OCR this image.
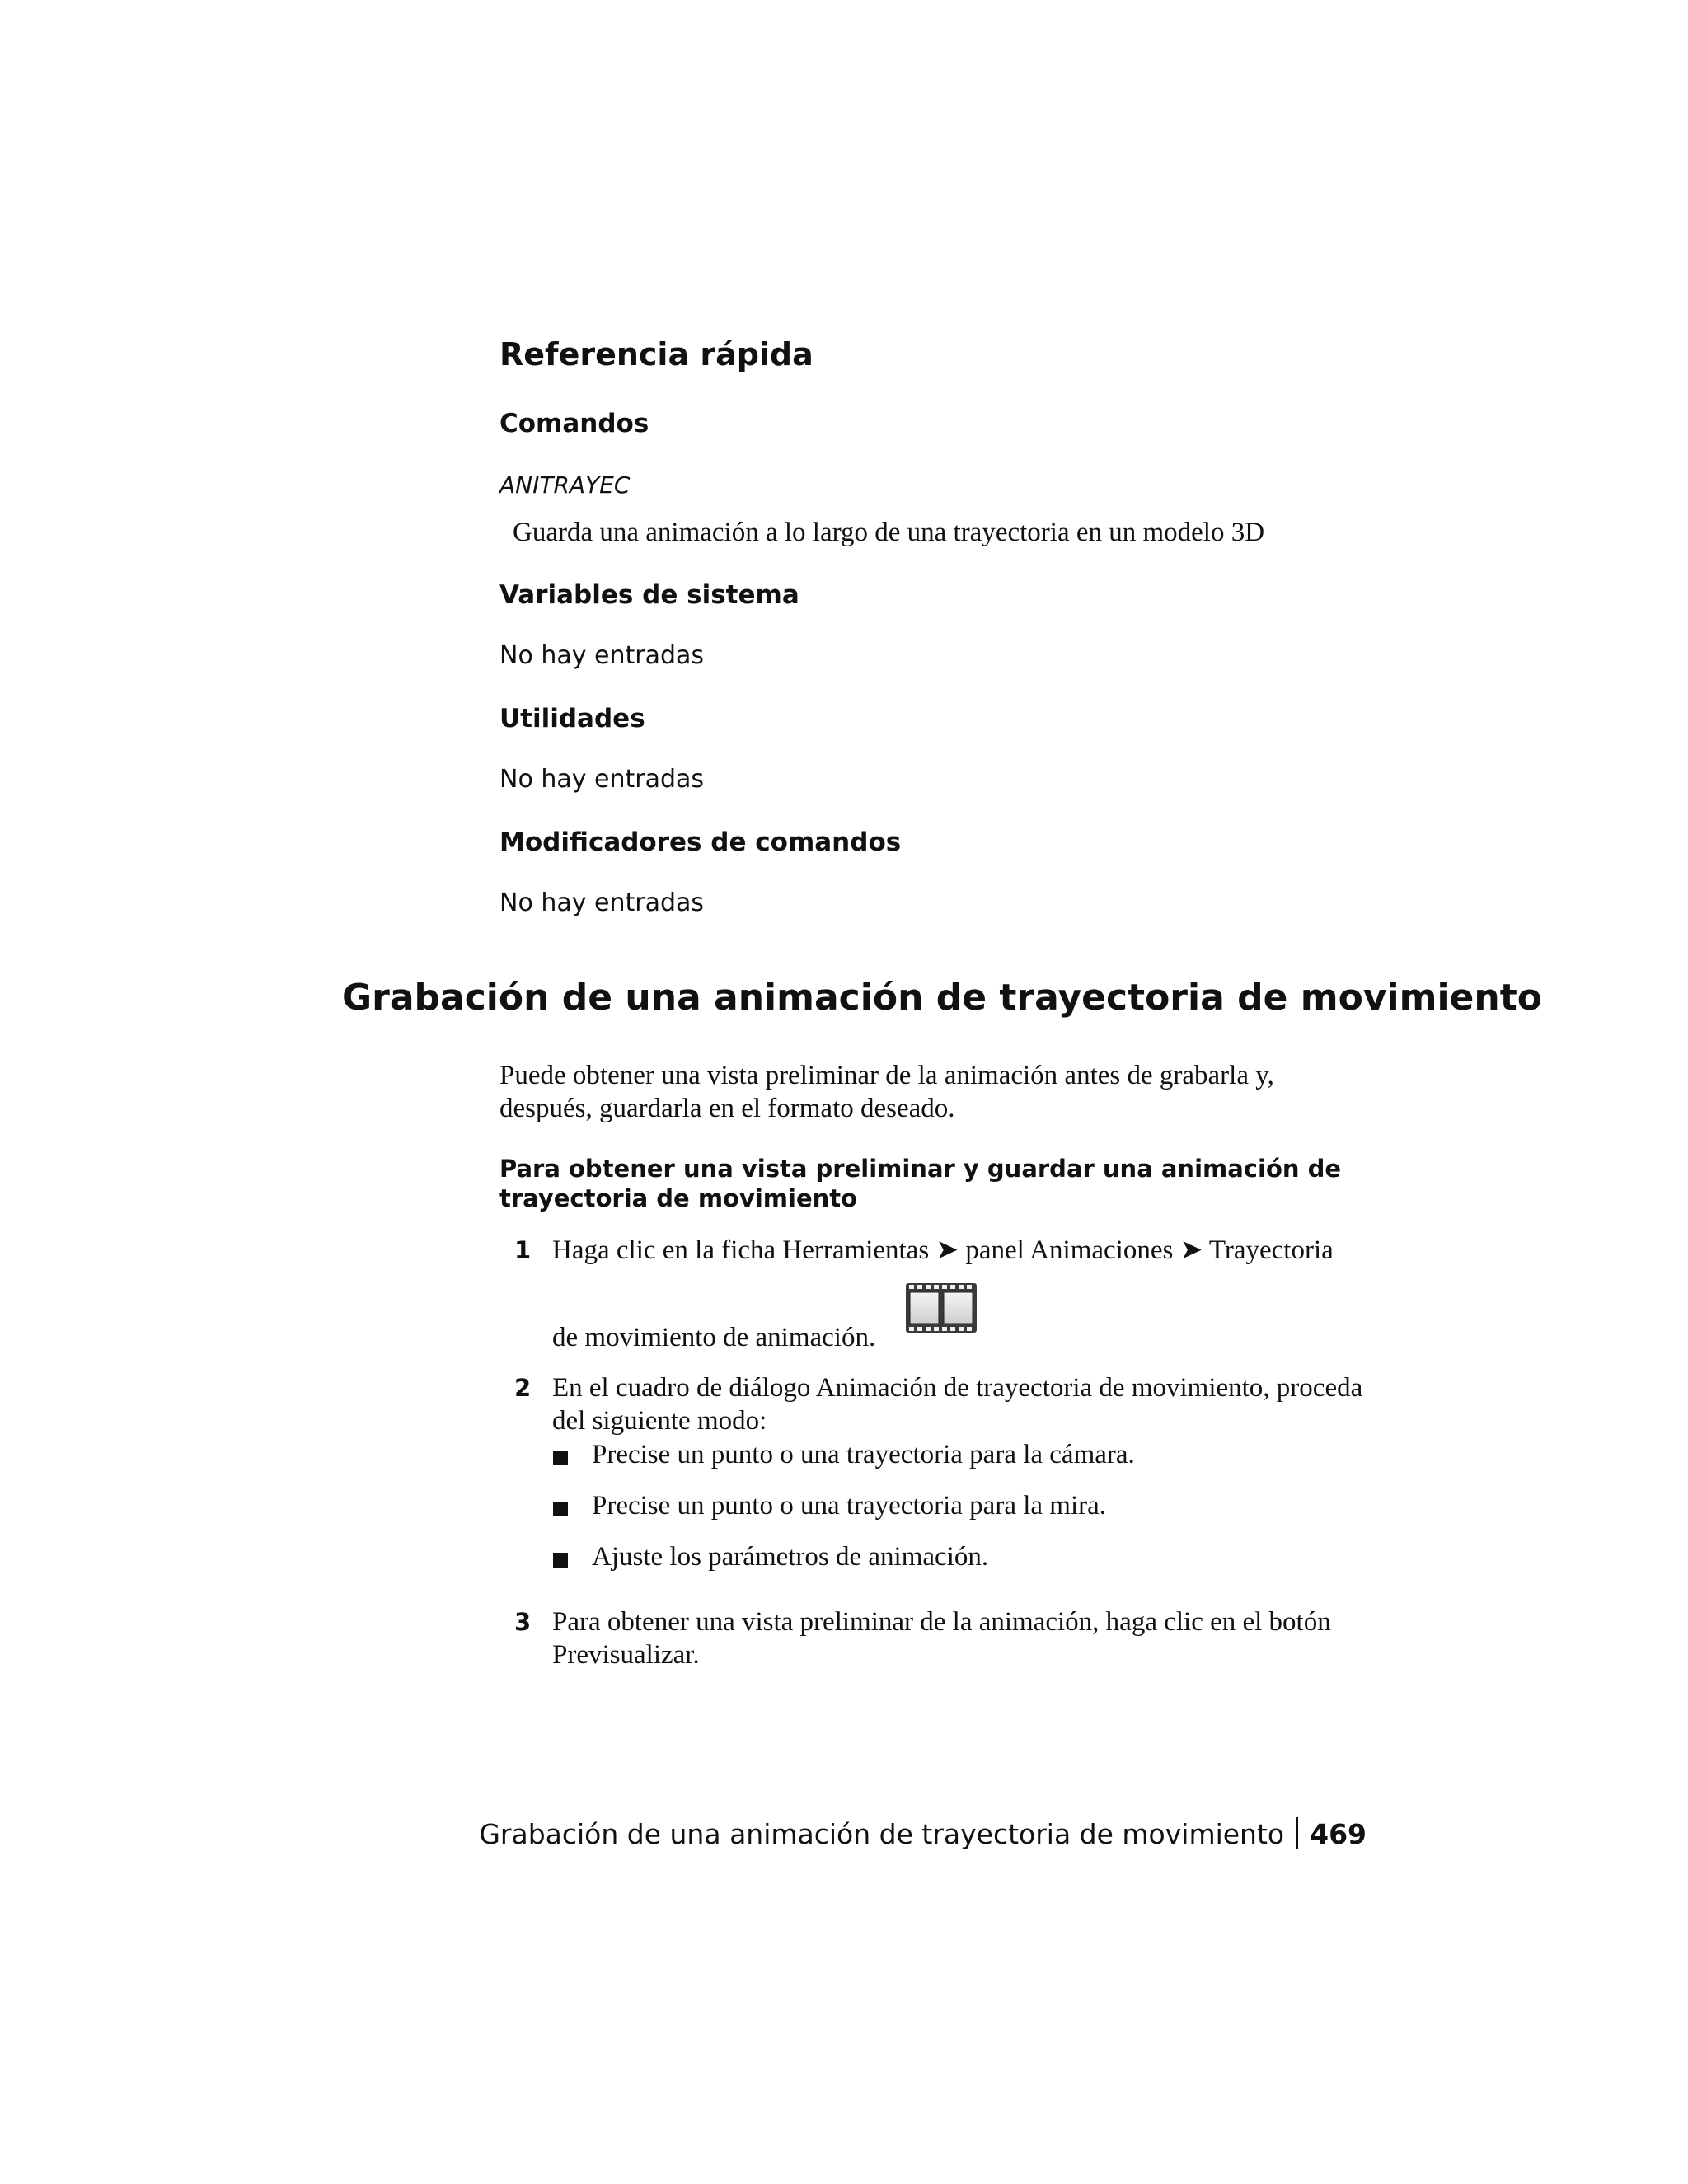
Referencia rápida
Comandos

ANITRAYEC

Guarda una animación a lo largo de una trayectoria en un modelo 3D

Variables de sistema

No hay entradas

Utilidades

No hay entradas

Modificadores de comandos

No hay entradas

Grabación de una animación de trayectoria de movimiento

Puede obtener una vista preliminar de la animación antes de grabarla y, después, guardarla en el formato deseado.

Para obtener una vista preliminar y guardar una animación de trayectoria de movimiento

1 Haga clic en la ficha Herramientas ➤ panel Animaciones ➤ Trayectoria

de movimiento de animación.

2 En el cuadro de diálogo Animación de trayectoria de movimiento, proceda del siguiente modo:

Precise un punto o una trayectoria para la cámara.

Precise un punto o una trayectoria para la mira.

Ajuste los parámetros de animación.

3 Para obtener una vista preliminar de la animación, haga clic en el botón Previsualizar.

Grabación de una animación de trayectoria de movimiento 469
